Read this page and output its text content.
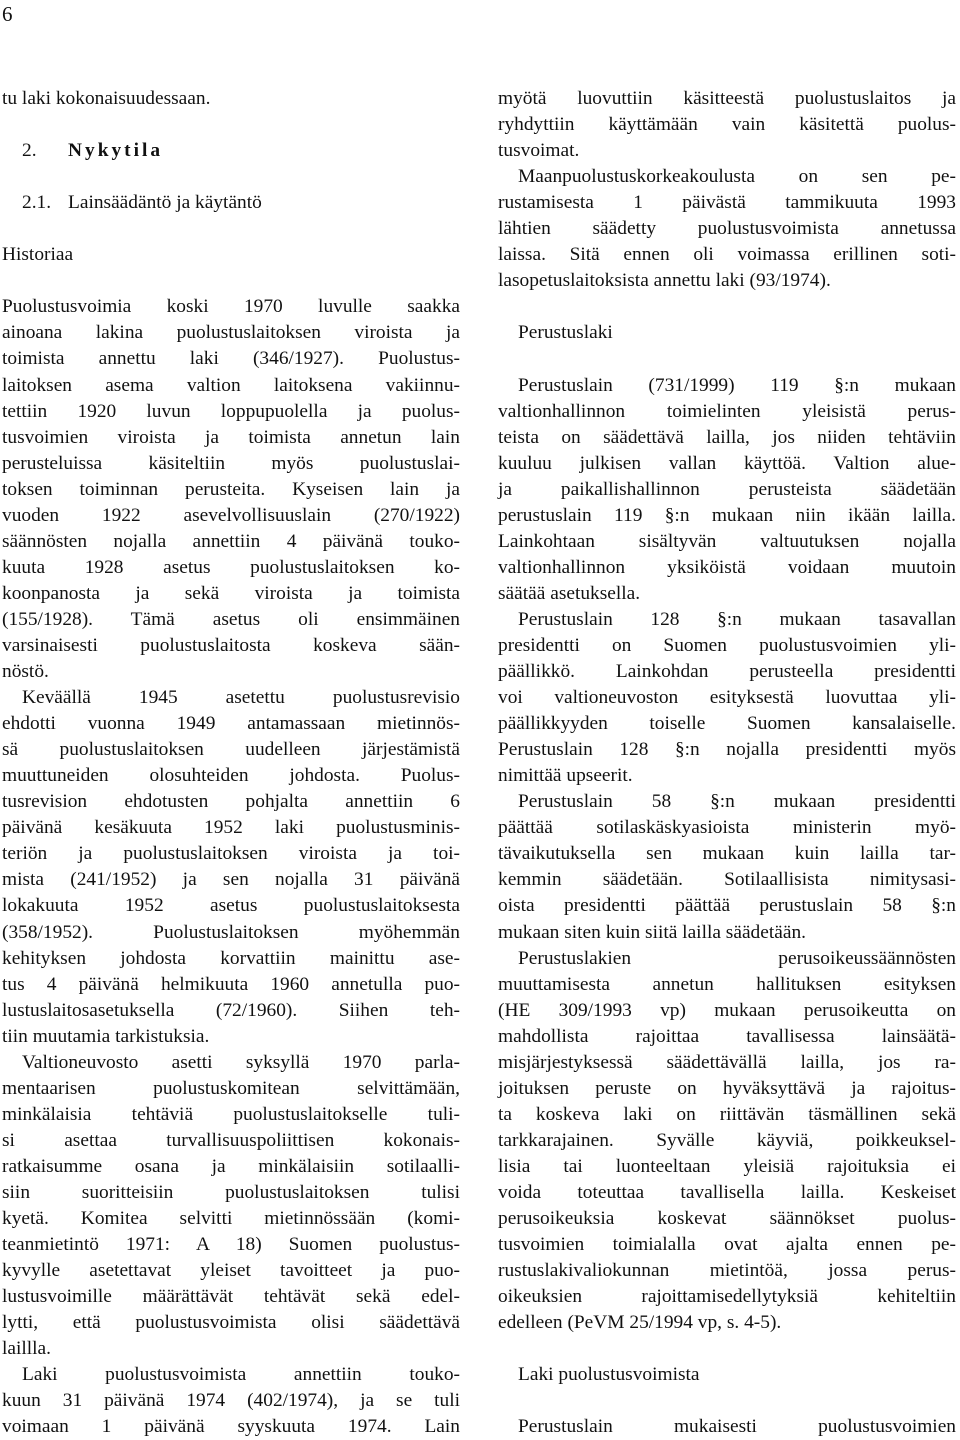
6
tu laki kokonaisuudessaan.
2. Nykytila
2.1. Lainsäädäntö ja käytäntö
Historiaa
Puolustusvoimia koski 1970 luvulle saakka
ainoana lakina puolustuslaitoksen viroista ja
toimista annettu laki (346/1927). Puolustus-
laitoksen asema valtion laitoksena vakiinnu-
tettiin 1920 luvun loppupuolella ja puolus-
tusvoimien viroista ja toimista annetun lain
perusteluissa käsiteltiin myös puolustuslai-
toksen toiminnan perusteita. Kyseisen lain ja
vuoden 1922 asevelvollisuuslain (270/1922)
säännösten nojalla annettiin 4 päivänä touko-
kuuta 1928 asetus puolustuslaitoksen ko-
koonpanosta ja sekä viroista ja toimista
(155/1928). Tämä asetus oli ensimmäinen
varsinaisesti puolustuslaitosta koskeva sään-
nöstö.
Keväällä 1945 asetettu puolustusrevisio
ehdotti vuonna 1949 antamassaan mietinnös-
sä puolustuslaitoksen uudelleen järjestämistä
muuttuneiden olosuhteiden johdosta. Puolus-
tusrevision ehdotusten pohjalta annettiin 6
päivänä kesäkuuta 1952 laki puolustusminis-
teriön ja puolustuslaitoksen viroista ja toi-
mista (241/1952) ja sen nojalla 31 päivänä
lokakuuta 1952 asetus puolustuslaitoksesta
(358/1952). Puolustuslaitoksen myöhemmän
kehityksen johdosta korvattiin mainittu ase-
tus 4 päivänä helmikuuta 1960 annetulla puo-
lustuslaitosasetuksella (72/1960). Siihen teh-
tiin muutamia tarkistuksia.
Valtioneuvosto asetti syksyllä 1970 parla-
mentaarisen puolustuskomitean selvittämään,
minkälaisia tehtäviä puolustuslaitokselle tuli-
si asettaa turvallisuuspoliittisen kokonais-
ratkaisumme osana ja minkälaisiin sotilaalli-
siin suoritteisiin puolustuslaitoksen tulisi
kyetä. Komitea selvitti mietinnössään (komi-
teanmietintö 1971: A 18) Suomen puolustus-
kyvylle asetettavat yleiset tavoitteet ja puo-
lustusvoimille määrättävät tehtävät sekä edel-
lytti, että puolustusvoimista olisi säädettävä
laillla.
Laki puolustusvoimista annettiin touko-
kuun 31 päivänä 1974 (402/1974), ja se tuli
voimaan 1 päivänä syyskuuta 1974. Lain
myötä luovuttiin käsitteestä puolustuslaitos ja
ryhdyttiin käyttämään vain käsitettä puolus-
tusvoimat.
Maanpuolustuskorkeakoulusta on sen pe-
rustamisesta 1 päivästä tammikuuta 1993
lähtien säädetty puolustusvoimista annetussa
laissa. Sitä ennen oli voimassa erillinen soti-
lasopetuslaitoksista annettu laki (93/1974).
Perustuslaki
Perustuslain (731/1999) 119 §:n mukaan
valtionhallinnon toimielinten yleisistä perus-
teista on säädettävä lailla, jos niiden tehtäviin
kuuluu julkisen vallan käyttöä. Valtion alue-
ja paikallishallinnon perusteista säädetään
perustuslain 119 §:n mukaan niin ikään lailla.
Lainkohtaan sisältyvän valtuutuksen nojalla
valtionhallinnon yksiköistä voidaan muutoin
säätää asetuksella.
Perustuslain 128 §:n mukaan tasavallan
presidentti on Suomen puolustusvoimien yli-
päällikkö. Lainkohdan perusteella presidentti
voi valtioneuvoston esityksestä luovuttaa yli-
päällikkyyden toiselle Suomen kansalaiselle.
Perustuslain 128 §:n nojalla presidentti myös
nimittää upseerit.
Perustuslain 58 §:n mukaan presidentti
päättää sotilaskäskyasioista ministerin myö-
tävaikutuksella sen mukaan kuin lailla tar-
kemmin säädetään. Sotilaallisista nimitysasi-
oista presidentti päättää perustuslain 58 §:n
mukaan siten kuin siitä lailla säädetään.
Perustuslakien perusoikeussäännösten
muuttamisesta annetun hallituksen esityksen
(HE 309/1993 vp) mukaan perusoikeutta on
mahdollista rajoittaa tavallisessa lainsäätä-
misjärjestyksessä säädettävällä lailla, jos ra-
joituksen peruste on hyväksyttävä ja rajoitus-
ta koskeva laki on riittävän täsmällinen sekä
tarkkarajainen. Syvälle käyviä, poikkeuksel-
lisia tai luonteeltaan yleisiä rajoituksia ei
voida toteuttaa tavallisella lailla. Keskeiset
perusoikeuksia koskevat säännökset puolus-
tusvoimien toimialalla ovat ajalta ennen pe-
rustuslakivaliokunnan mietintöä, jossa perus-
oikeuksien rajoittamisedellytyksiä kehiteltiin
edelleen (PeVM 25/1994 vp, s. 4-5).
Laki puolustusvoimista
Perustuslain mukaisesti puolustusvoimien
